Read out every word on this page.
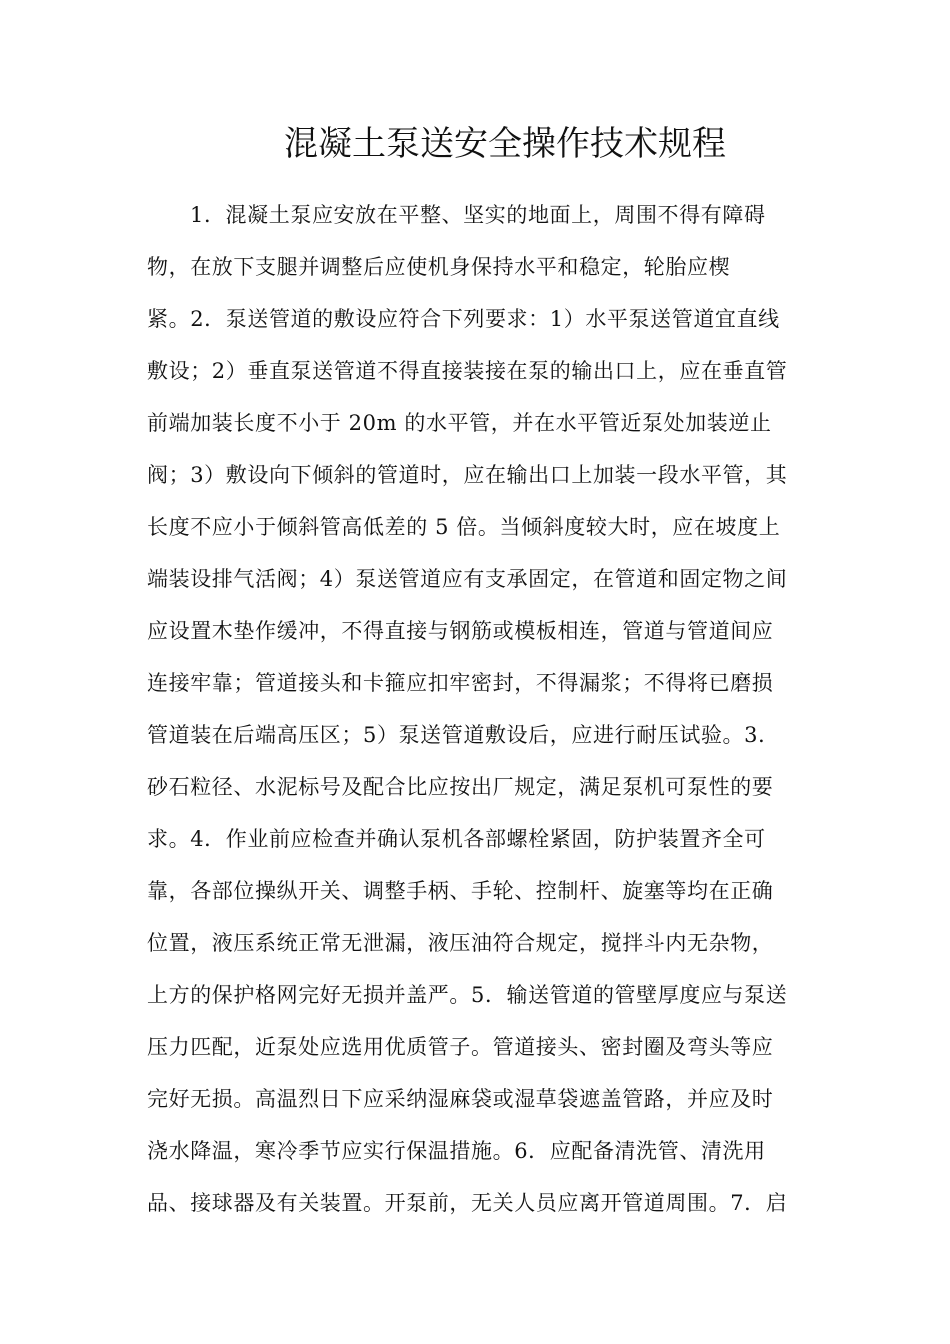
混凝土泵送安全操作技术规程
1．混凝土泵应安放在平整、坚实的地面上，周围不得有障碍
物，在放下支腿并调整后应使机身保持水平和稳定，轮胎应楔
紧。2．泵送管道的敷设应符合下列要求：1）水平泵送管道宜直线
敷设；2）垂直泵送管道不得直接装接在泵的输出口上，应在垂直管
前端加装长度不小于 20m 的水平管，并在水平管近泵处加装逆止
阀；3）敷设向下倾斜的管道时，应在输出口上加装一段水平管，其
长度不应小于倾斜管高低差的 5 倍。当倾斜度较大时，应在坡度上
端装设排气活阀；4）泵送管道应有支承固定，在管道和固定物之间
应设置木垫作缓冲，不得直接与钢筋或模板相连，管道与管道间应
连接牢靠；管道接头和卡箍应扣牢密封，不得漏浆；不得将已磨损
管道装在后端高压区；5）泵送管道敷设后，应进行耐压试验。3．
砂石粒径、水泥标号及配合比应按出厂规定，满足泵机可泵性的要
求。4．作业前应检查并确认泵机各部螺栓紧固，防护装置齐全可
靠，各部位操纵开关、调整手柄、手轮、控制杆、旋塞等均在正确
位置，液压系统正常无泄漏，液压油符合规定，搅拌斗内无杂物，
上方的保护格网完好无损并盖严。5．输送管道的管壁厚度应与泵送
压力匹配，近泵处应选用优质管子。管道接头、密封圈及弯头等应
完好无损。高温烈日下应采纳湿麻袋或湿草袋遮盖管路，并应及时
浇水降温，寒冷季节应实行保温措施。6．应配备清洗管、清洗用
品、接球器及有关装置。开泵前，无关人员应离开管道周围。7．启
